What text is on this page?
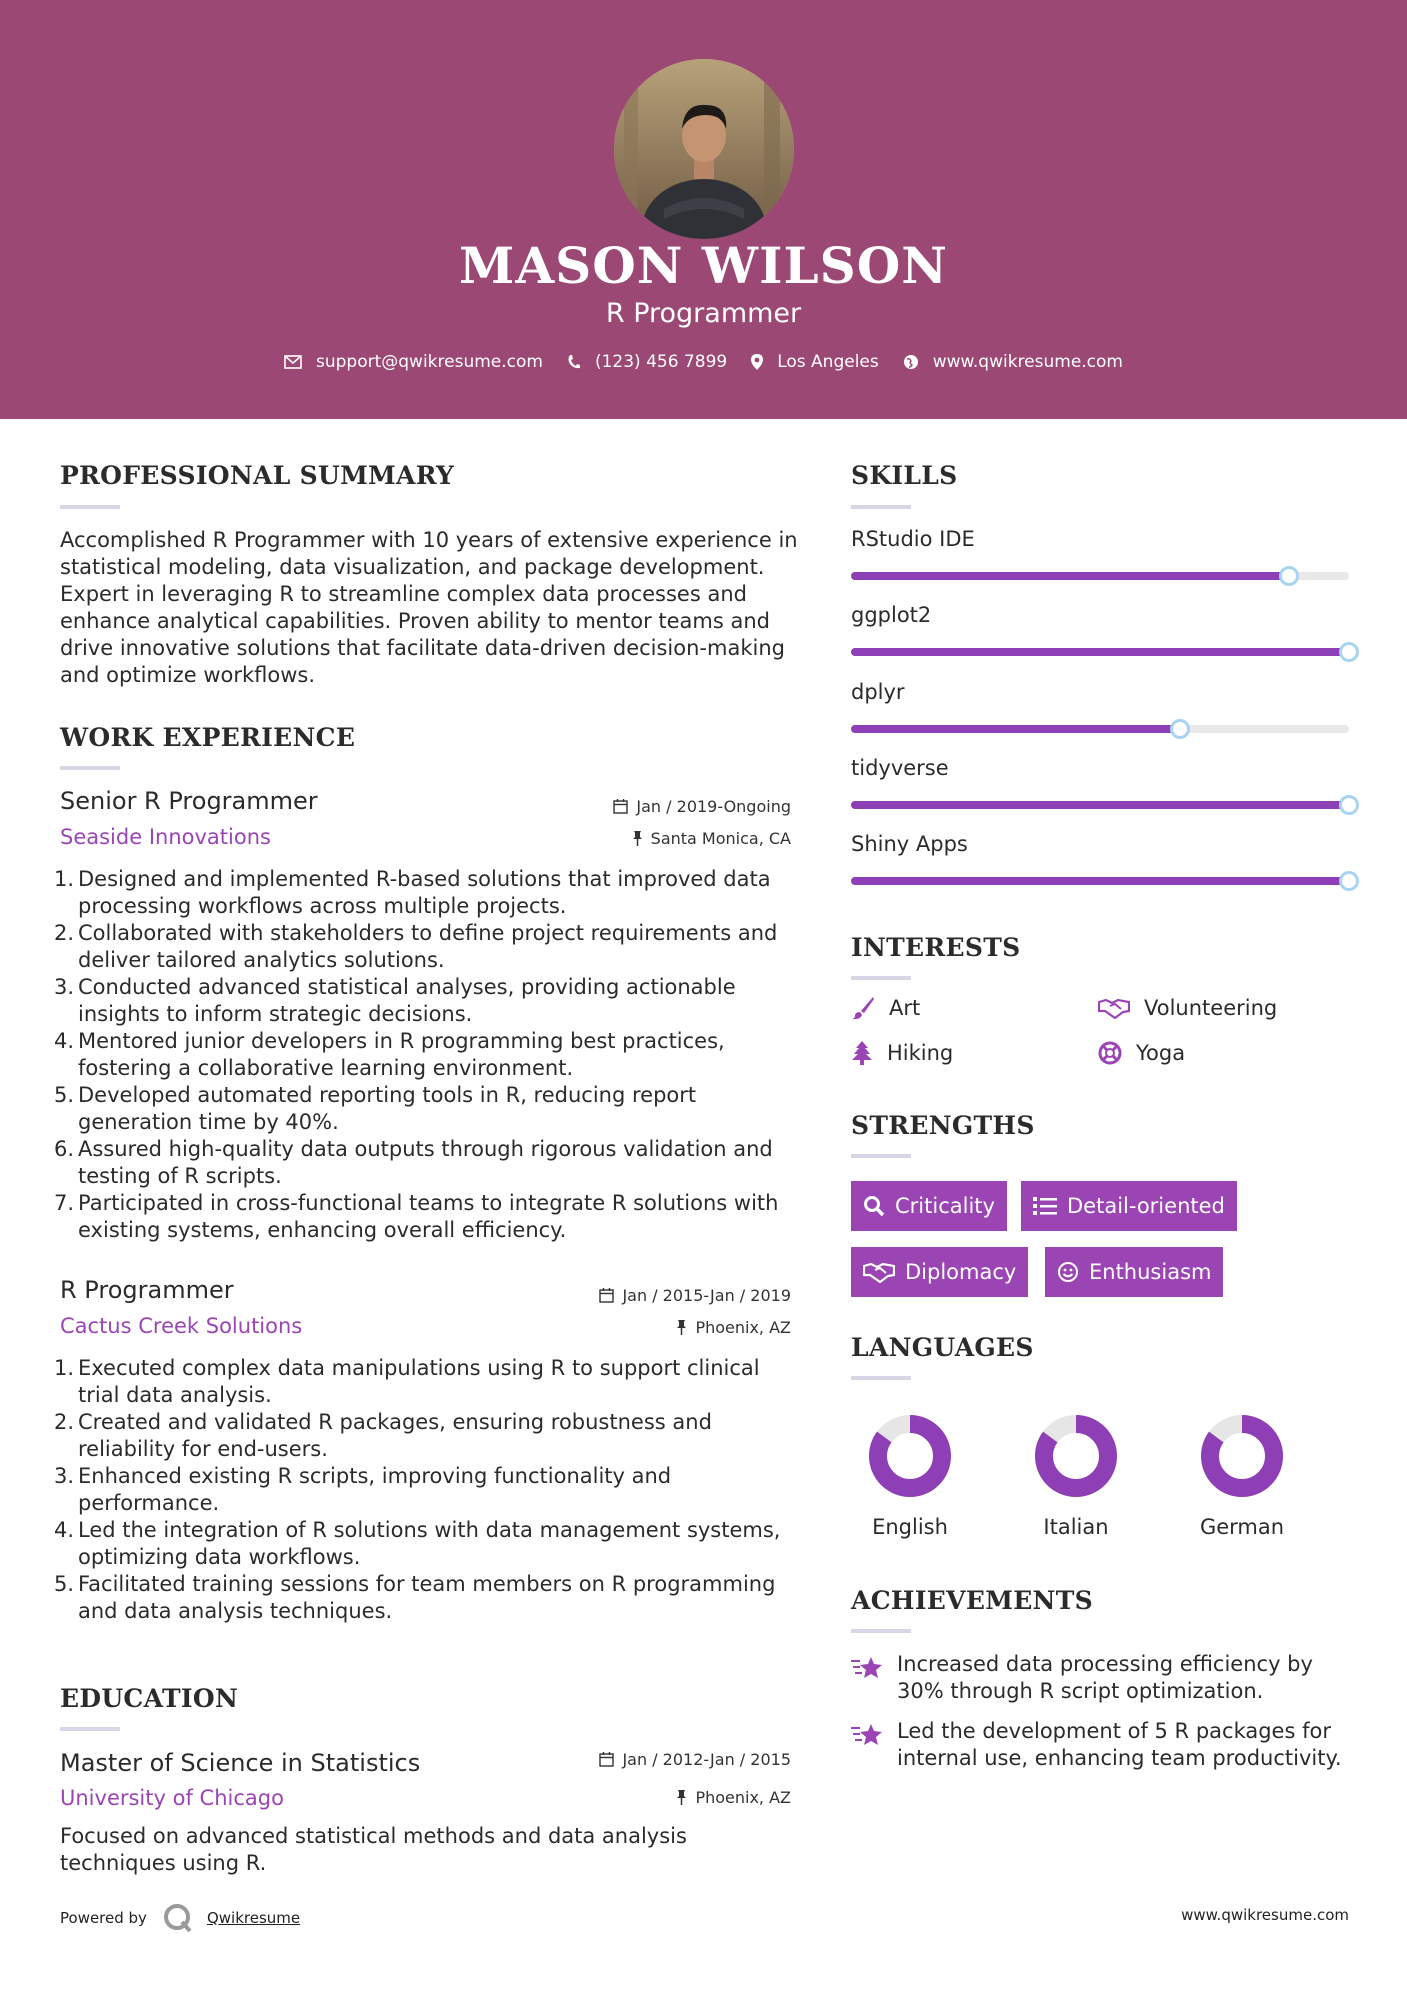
MASON WILSON
R Programmer
support@qwikresume.com	(123) 456 7899	Los Angeles	www.qwikresume.com
PROFESSIONAL SUMMARY
Accomplished R Programmer with 10 years of extensive experience in statistical modeling, data visualization, and package development. Expert in leveraging R to streamline complex data processes and enhance analytical capabilities. Proven ability to mentor teams and drive innovative solutions that facilitate data-driven decision-making and optimize workflows.
WORK EXPERIENCE
Senior R Programmer	Jan / 2019-Ongoing
Seaside Innovations	Santa Monica, CA
Designed and implemented R-based solutions that improved data processing workflows across multiple projects.
Collaborated with stakeholders to define project requirements and deliver tailored analytics solutions.
Conducted advanced statistical analyses, providing actionable insights to inform strategic decisions.
Mentored junior developers in R programming best practices, fostering a collaborative learning environment.
Developed automated reporting tools in R, reducing report generation time by 40%.
Assured high-quality data outputs through rigorous validation and testing of R scripts.
Participated in cross-functional teams to integrate R solutions with existing systems, enhancing overall efficiency.
R Programmer	Jan / 2015-Jan / 2019
Cactus Creek Solutions	Phoenix, AZ
Executed complex data manipulations using R to support clinical trial data analysis.
Created and validated R packages, ensuring robustness and reliability for end-users.
Enhanced existing R scripts, improving functionality and performance.
Led the integration of R solutions with data management systems, optimizing data workflows.
Facilitated training sessions for team members on R programming and data analysis techniques.
EDUCATION
Master of Science in Statistics	Jan / 2012-Jan / 2015
University of Chicago	Phoenix, AZ
Focused on advanced statistical methods and data analysis techniques using R.
SKILLS
RStudio IDE
ggplot2
dplyr
tidyverse
Shiny Apps
INTERESTS
Art	Volunteering
Hiking	Yoga
STRENGTHS
Criticality	Detail-oriented
Diplomacy	Enthusiasm
LANGUAGES
English	Italian	German
ACHIEVEMENTS
Increased data processing efficiency by 30% through R script optimization.
Led the development of 5 R packages for internal use, enhancing team productivity.
Powered by	Qwikresume	www.qwikresume.com
